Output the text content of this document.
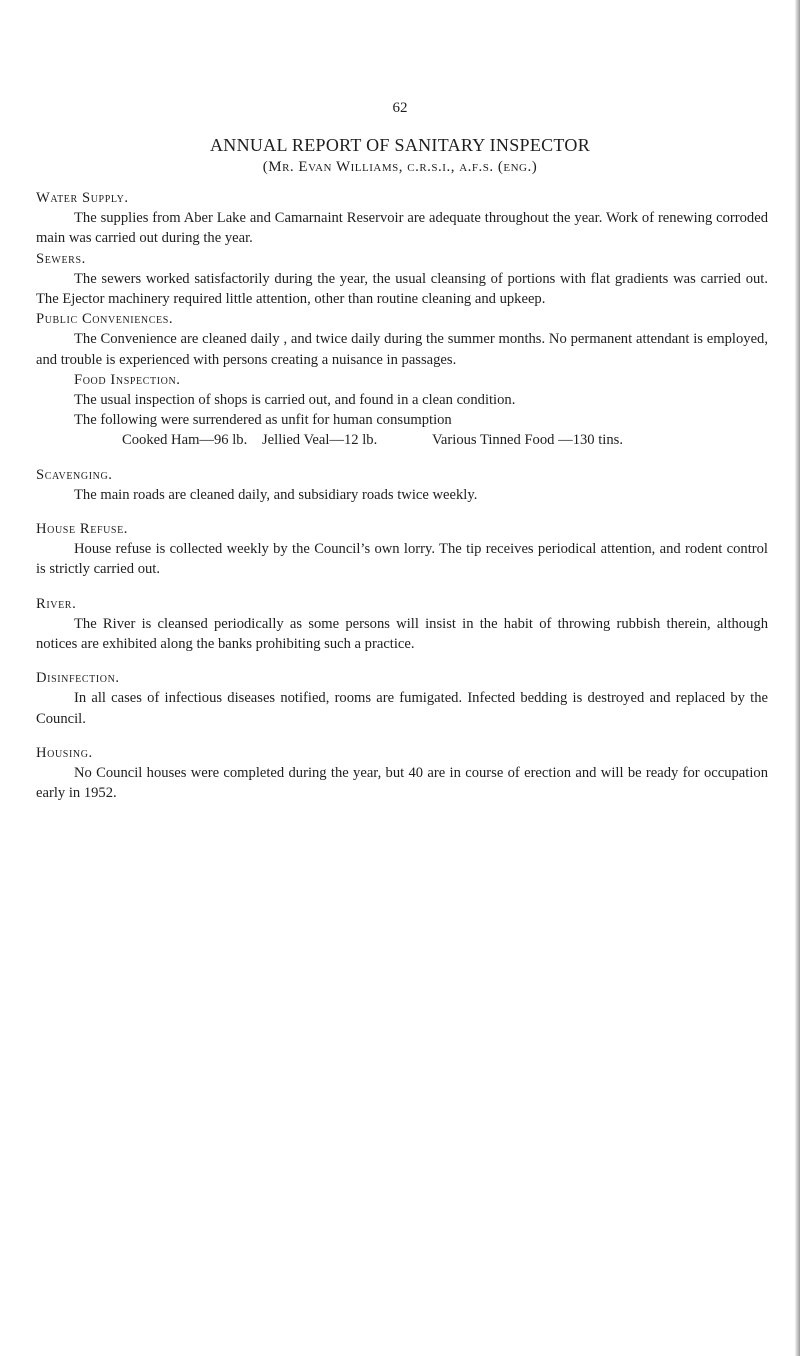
62
ANNUAL REPORT OF SANITARY INSPECTOR
(Mr. Evan Williams, c.r.s.i., a.f.s. (eng.)

Water Supply.

The supplies from Aber Lake and Camarnaint Reservoir are adequate throughout the year. Work of renewing corroded main was carried out during the year.

Sewers.

The sewers worked satisfactorily during the year, the usual cleansing of portions with flat gradients was carried out. The Ejector machinery required little attention, other than routine cleaning and upkeep.

Public Conveniences.

The Convenience are cleaned daily , and twice daily during the summer months. No permanent attendant is employed, and trouble is experienced with persons creating a nuisance in passages.

Food Inspection.

The usual inspection of shops is carried out, and found in a clean condition.

The following were surrendered as unfit for human consumption

Cooked Ham—96 lb. Jellied Veal—12 lb.	Various Tinned Food —130 tins.

Scavenging.

The main roads are cleaned daily, and subsidiary roads twice weekly.

House Refuse.

House refuse is collected weekly by the Council’s own lorry. The tip receives periodical attention, and rodent control is strictly carried out.

River.

The River is cleansed periodically as some persons will insist in the habit of throwing rubbish therein, although notices are exhibited along the banks prohibiting such a practice.

Disinfection.

In all cases of infectious diseases notified, rooms are fumigated. Infected bedding is destroyed and replaced by the Council.

Housing.

No Council houses were completed during the year, but 40 are in course of erection and will be ready for occupation early in 1952.
